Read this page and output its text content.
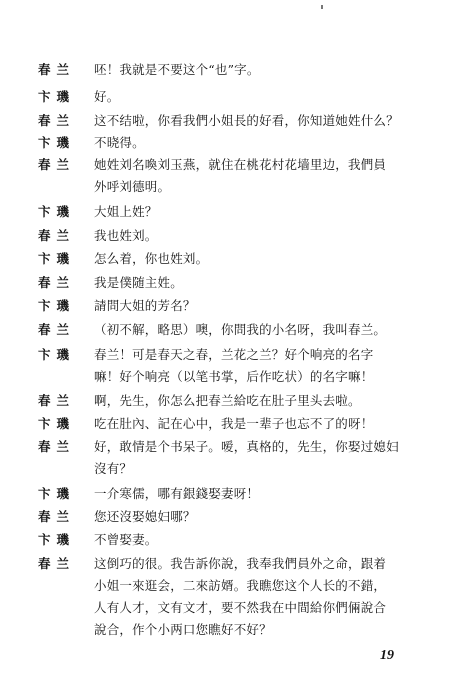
春兰	呸！我就是不要这个“也”字。
卞璣	好。
春兰	这不结啦，你看我們小姐長的好看，你知道她姓什么？
卞璣	不晓得。
春兰	她姓刘名喚刘玉燕，就住在桃花村花墙里边，我們員
外呼刘德明。
卞璣	大姐上姓？
春兰	我也姓刘。
卞璣	怎么着，你也姓刘。
春兰	我是僕随主姓。
卞璣	請問大姐的芳名？
春兰	（初不解，略思）噢，你問我的小名呀，我叫春兰。
卞璣	春兰！可是春天之春，兰花之兰？好个响亮的名字
嘛！好个响亮（以笔书掌，后作吃状）的名字嘛！
春兰	啊，先生，你怎么把春兰給吃在肚子里头去啦。
卞璣	吃在肚內、記在心中，我是一辈子也忘不了的呀！
春兰	好，敢情是个书呆子。嗳，真格的，先生，你娶过媳妇
沒有？
卞璣	一介寒儒，哪有銀錢娶妻呀！
春兰	您还沒娶媳妇哪？
卞璣	不曾娶妻。
春兰	这倒巧的很。我告訴你說，我奉我們員外之命，跟着
小姐一來逛会，二來訪婿。我瞧您这个人长的不錯，
人有人才，文有文才，要不然我在中間給你們倆說合
說合，作个小两口您瞧好不好？
19
